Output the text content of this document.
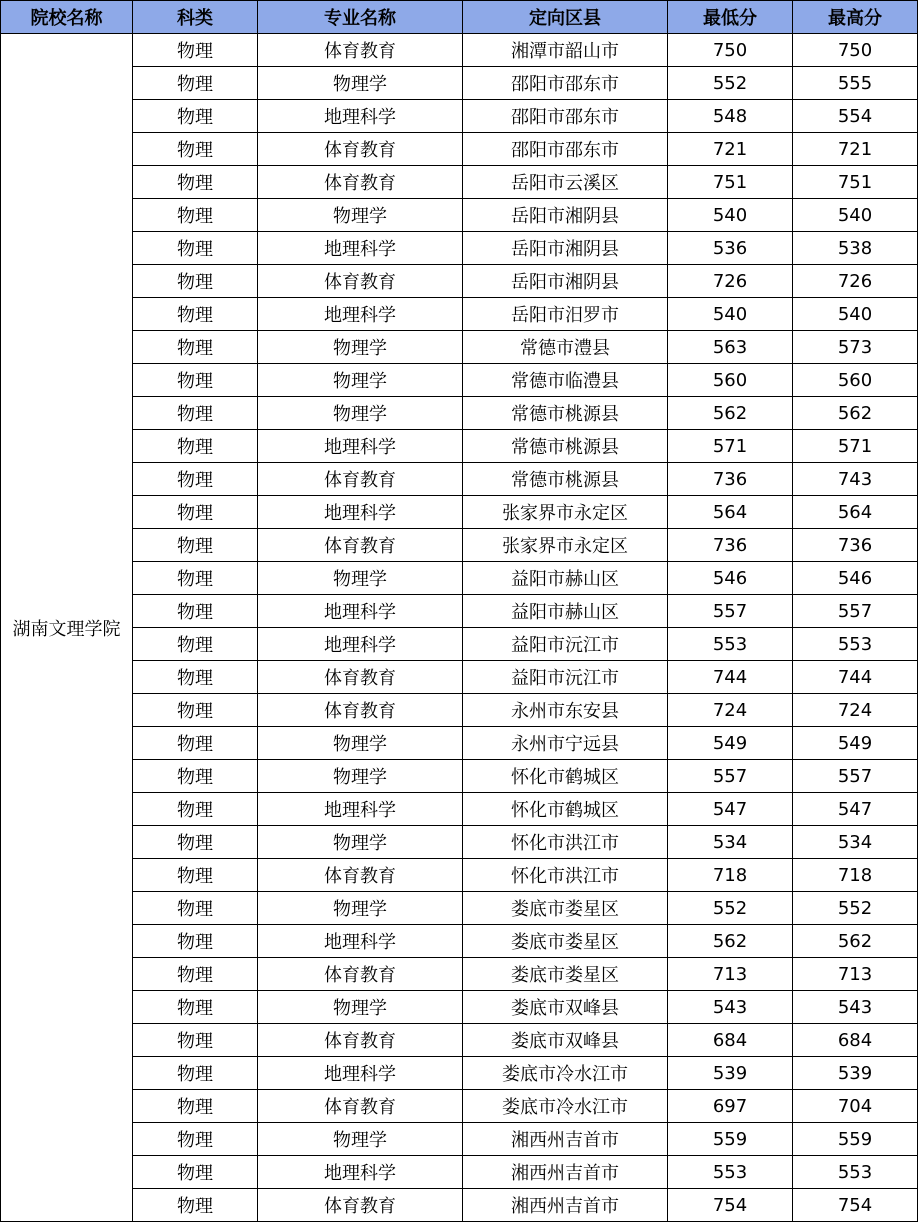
院校名称	科类	专业名称	定向区县	最低分	最高分
湖南文理学院	物理	体育教育	湘潭市韶山市	750	750
	物理	物理学	邵阳市邵东市	552	555
	物理	地理科学	邵阳市邵东市	548	554
	物理	体育教育	邵阳市邵东市	721	721
	物理	体育教育	岳阳市云溪区	751	751
	物理	物理学	岳阳市湘阴县	540	540
	物理	地理科学	岳阳市湘阴县	536	538
	物理	体育教育	岳阳市湘阴县	726	726
	物理	地理科学	岳阳市汨罗市	540	540
	物理	物理学	常德市澧县	563	573
	物理	物理学	常德市临澧县	560	560
	物理	物理学	常德市桃源县	562	562
	物理	地理科学	常德市桃源县	571	571
	物理	体育教育	常德市桃源县	736	743
	物理	地理科学	张家界市永定区	564	564
	物理	体育教育	张家界市永定区	736	736
	物理	物理学	益阳市赫山区	546	546
	物理	地理科学	益阳市赫山区	557	557
	物理	地理科学	益阳市沅江市	553	553
	物理	体育教育	益阳市沅江市	744	744
	物理	体育教育	永州市东安县	724	724
	物理	物理学	永州市宁远县	549	549
	物理	物理学	怀化市鹤城区	557	557
	物理	地理科学	怀化市鹤城区	547	547
	物理	物理学	怀化市洪江市	534	534
	物理	体育教育	怀化市洪江市	718	718
	物理	物理学	娄底市娄星区	552	552
	物理	地理科学	娄底市娄星区	562	562
	物理	体育教育	娄底市娄星区	713	713
	物理	物理学	娄底市双峰县	543	543
	物理	体育教育	娄底市双峰县	684	684
	物理	地理科学	娄底市冷水江市	539	539
	物理	体育教育	娄底市冷水江市	697	704
	物理	物理学	湘西州吉首市	559	559
	物理	地理科学	湘西州吉首市	553	553
	物理	体育教育	湘西州吉首市	754	754
